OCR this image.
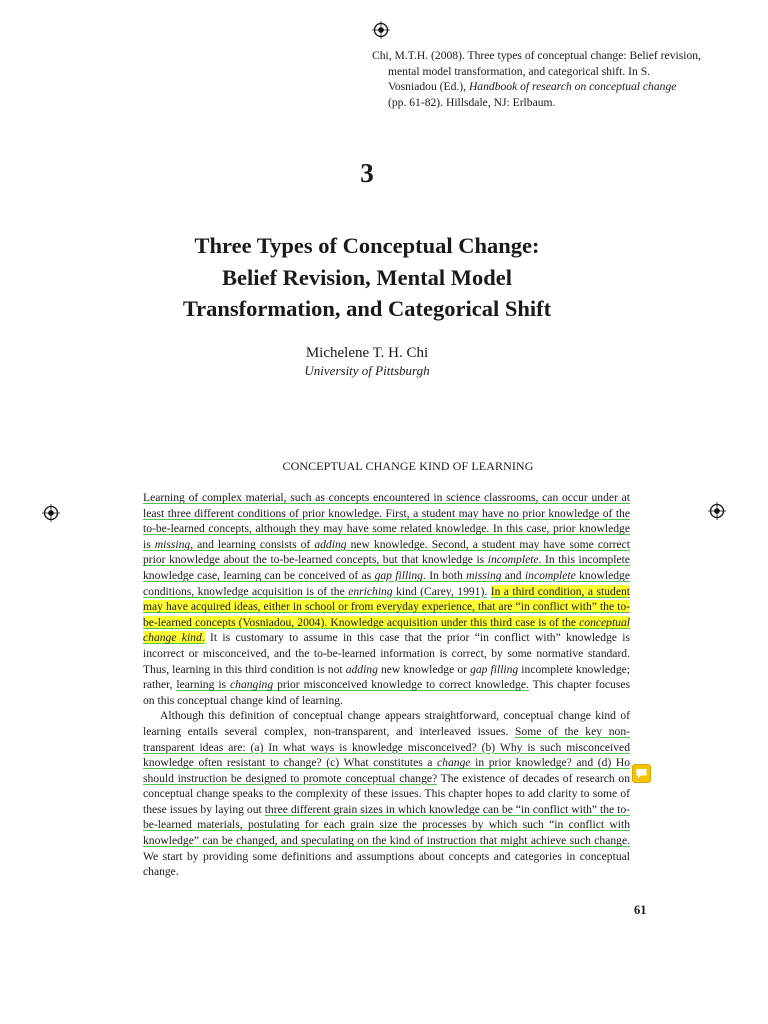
Chi, M.T.H. (2008). Three types of conceptual change: Belief revision,
mental model transformation, and categorical shift. In S.
Vosniadou (Ed.), Handbook of research on conceptual change
(pp. 61-82). Hillsdale, NJ: Erlbaum.
3
Three Types of Conceptual Change:
Belief Revision, Mental Model
Transformation, and Categorical Shift
Michelene T. H. Chi
University of Pittsburgh
CONCEPTUAL CHANGE KIND OF LEARNING

Learning of complex material, such as concepts encountered in science classrooms, can occur under at least three different conditions of prior knowledge. First, a student may have no prior knowledge of the to-be-learned concepts, although they may have some related knowledge. In this case, prior knowledge is missing, and learning consists of adding new knowledge. Second, a student may have some correct prior knowledge about the to-be-learned concepts, but that knowledge is incomplete. In this incomplete knowledge case, learning can be conceived of as gap filling. In both missing and incomplete knowledge conditions, knowledge acquisition is of the enriching kind (Carey, 1991). In a third condition, a student may have acquired ideas, either in school or from everyday experience, that are “in conflict with” the to-be-learned concepts (Vosniadou, 2004). Knowledge acquisition under this third case is of the conceptual change kind. It is customary to assume in this case that the prior “in conflict with” knowledge is incorrect or misconceived, and the to-be-learned information is correct, by some normative standard. Thus, learning in this third condition is not adding new knowledge or gap filling incomplete knowledge; rather, learning is changing prior misconceived knowledge to correct knowledge. This chapter focuses on this conceptual change kind of learning.

Although this definition of conceptual change appears straightforward, conceptual change kind of learning entails several complex, non-transparent, and interleaved issues. Some of the key non-transparent ideas are: (a) In what ways is knowledge misconceived? (b) Why is such misconceived knowledge often resistant to change? (c) What constitutes a change in prior knowledge? and (d) Ho should instruction be designed to promote conceptual change? The existence of decades of research on conceptual change speaks to the complexity of these issues. This chapter hopes to add clarity to some of these issues by laying out three different grain sizes in which knowledge can be “in conflict with” the to-be-learned materials, postulating for each grain size the processes by which such “in conflict with knowledge” can be changed, and speculating on the kind of instruction that might achieve such change. We start by providing some definitions and assumptions about concepts and categories in conceptual change.

61
